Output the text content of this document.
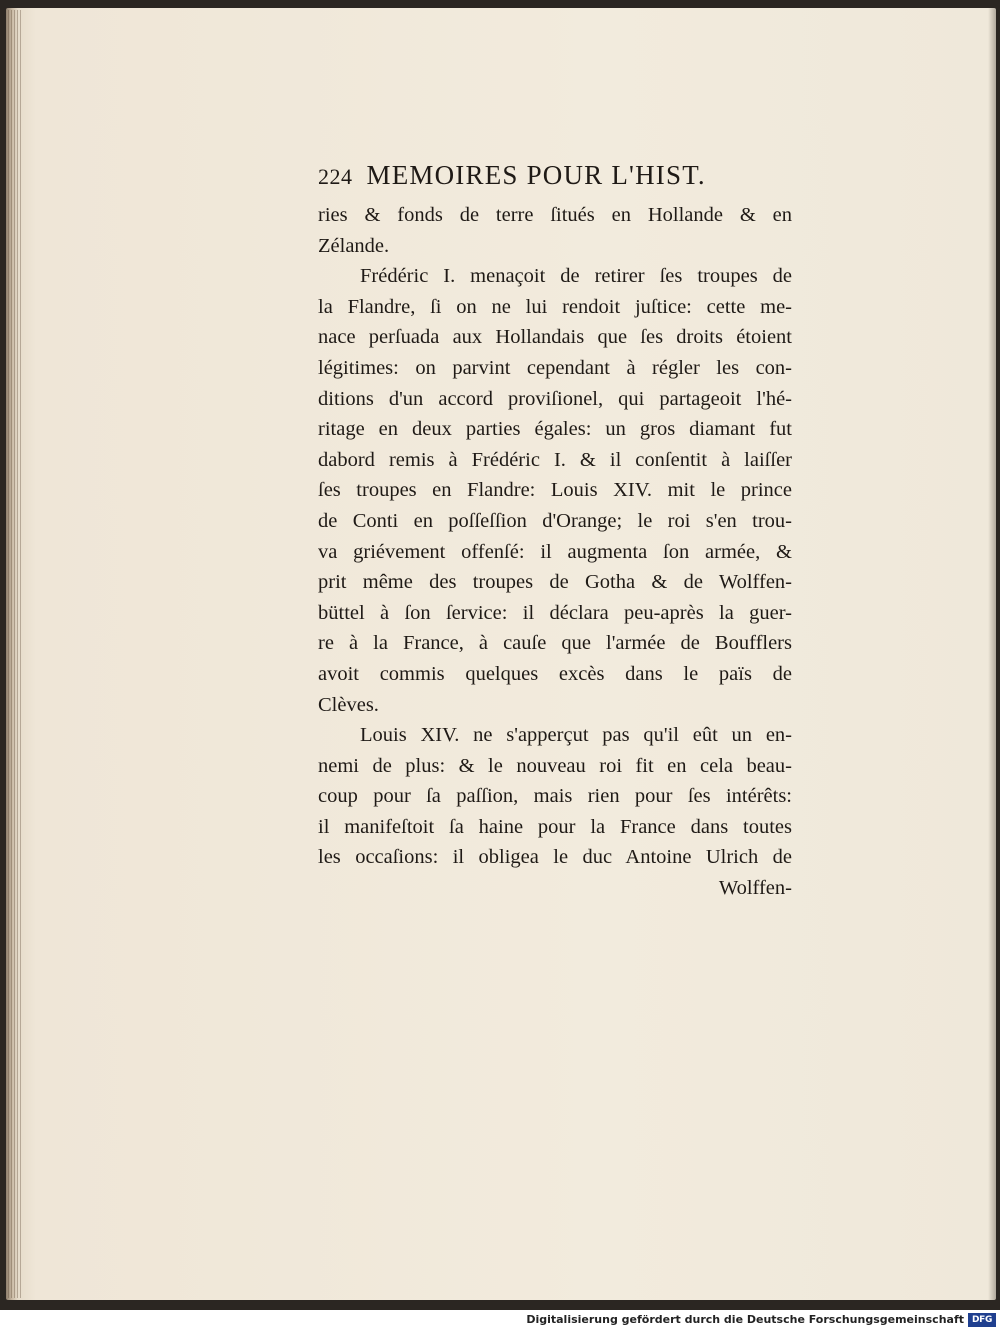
224 MEMOIRES POUR L'HIST.
ries & fonds de terre ſitués en Hollande & en
Zélande.
Frédéric I. menaçoit de retirer ſes troupes de
la Flandre, ſi on ne lui rendoit juſtice: cette me-
nace perſuada aux Hollandais que ſes droits étoient
légitimes: on parvint cependant à régler les con-
ditions d'un accord proviſionel, qui partageoit l'hé-
ritage en deux parties égales: un gros diamant fut
dabord remis à Frédéric I. & il conſentit à laiſſer
ſes troupes en Flandre: Louis XIV. mit le prince
de Conti en poſſeſſion d'Orange; le roi s'en trou-
va griévement offenſé: il augmenta ſon armée, &
prit même des troupes de Gotha & de Wolffen-
büttel à ſon ſervice: il déclara peu-après la guer-
re à la France, à cauſe que l'armée de Boufflers
avoit commis quelques excès dans le païs de
Clèves.
Louis XIV. ne s'apperçut pas qu'il eût un en-
nemi de plus: & le nouveau roi fit en cela beau-
coup pour ſa paſſion, mais rien pour ſes intérêts:
il manifeſtoit ſa haine pour la France dans toutes
les occaſions: il obligea le duc Antoine Ulrich de
Wolffen-
Digitalisierung gefördert durch die Deutsche Forschungsgemeinschaft DFG
